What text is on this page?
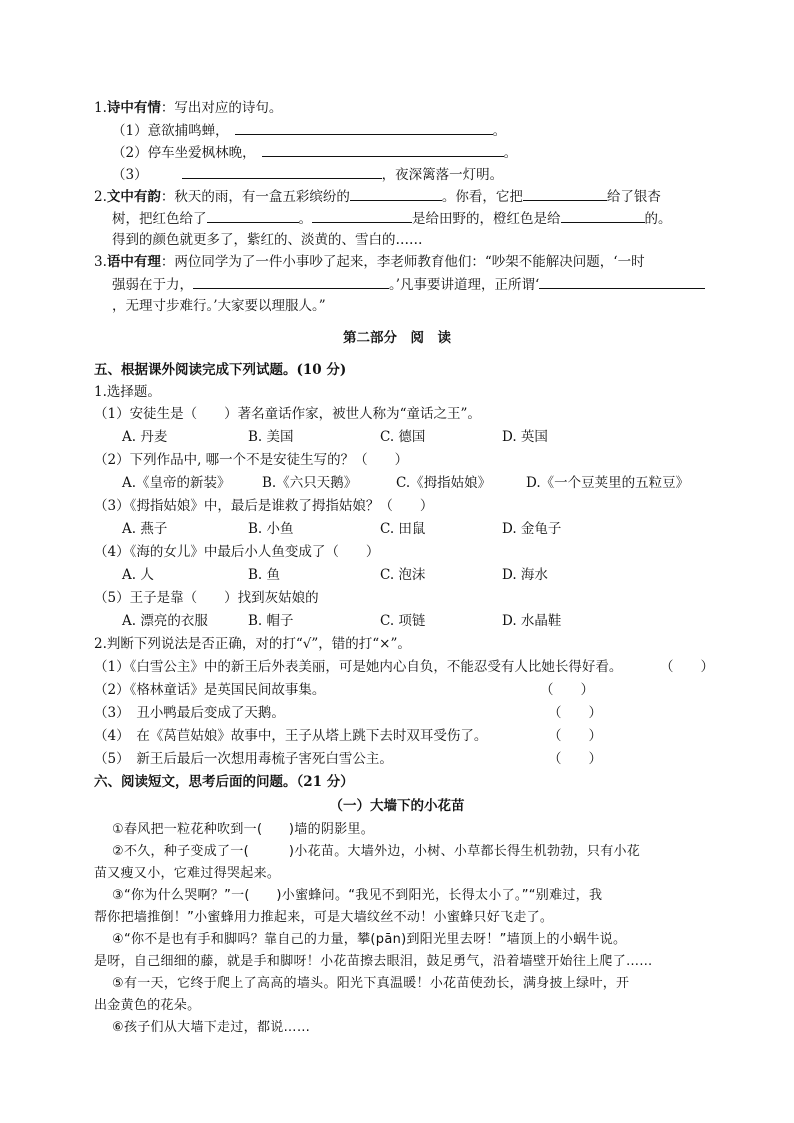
1.诗中有情：写出对应的诗句。
（1）意欲捕鸣蝉，	。
（2）停车坐爱枫林晚，	。
（3）	，夜深篱落一灯明。
2.文中有韵：秋天的雨，有一盒五彩缤纷的	。你看，它把	给了银杏
树，把红色给了	。	是给田野的，橙红色是给	的。
得到的颜色就更多了，紫红的、淡黄的、雪白的……
3.语中有理：两位同学为了一件小事吵了起来，李老师教育他们：“吵架不能解决问题，‘一时
强弱在于力，	。’凡事要讲道理，正所谓‘
，无理寸步难行。’大家要以理服人。”
第二部分　阅　读
五、根据课外阅读完成下列试题。(10 分)
1.选择题。
（1）安徒生是（　　）著名童话作家，被世人称为“童话之王”。
A. 丹麦	B. 美国	C. 德国	D. 英国
（2）下列作品中, 哪一个不是安徒生写的？（　　）
A.《皇帝的新装》 B.《六只天鹅》	C.《拇指姑娘》	D.《一个豆荚里的五粒豆》
（3）《拇指姑娘》中，最后是谁救了拇指姑娘？（　　）
A. 燕子	B. 小鱼	C. 田鼠	D. 金龟子
（4）《海的女儿》中最后小人鱼变成了（　　）
A. 人	B. 鱼	C. 泡沫	D. 海水
（5）王子是靠（　　）找到灰姑娘的
A. 漂亮的衣服	B. 帽子	C. 项链	D. 水晶鞋
2.判断下列说法是否正确，对的打“√”，错的打“×”。
（1）《白雪公主》中的新王后外表美丽，可是她内心自负，不能忍受有人比她长得好看。	（　　）
（2）《格林童话》是英国民间故事集。	（　　）
（3）　丑小鸭最后变成了天鹅。	（　　）
（4）　在《莴苣姑娘》故事中，王子从塔上跳下去时双耳受伤了。	（　　）
（5）　新王后最后一次想用毒梳子害死白雪公主。	（　　）
六、阅读短文，思考后面的问题。（21 分）
（一）大墙下的小花苗
①春风把一粒花种吹到一(　　)墙的阴影里。
②不久，种子变成了一(　　　)小花苗。大墙外边，小树、小草都长得生机勃勃，只有小花
苗又瘦又小，它难过得哭起来。
③“你为什么哭啊？”一(　　)小蜜蜂问。“我见不到阳光，长得太小了。”“别难过，我
帮你把墙推倒！”小蜜蜂用力推起来，可是大墙纹丝不动！小蜜蜂只好飞走了。
④“你不是也有手和脚吗？靠自己的力量，攀(pān)到阳光里去呀！”墙顶上的小蜗牛说。
是呀，自己细细的藤，就是手和脚呀！小花苗擦去眼泪，鼓足勇气，沿着墙壁开始往上爬了……
⑤有一天，它终于爬上了高高的墙头。阳光下真温暖！小花苗使劲长，满身披上绿叶，开
出金黄色的花朵。
⑥孩子们从大墙下走过，都说……
